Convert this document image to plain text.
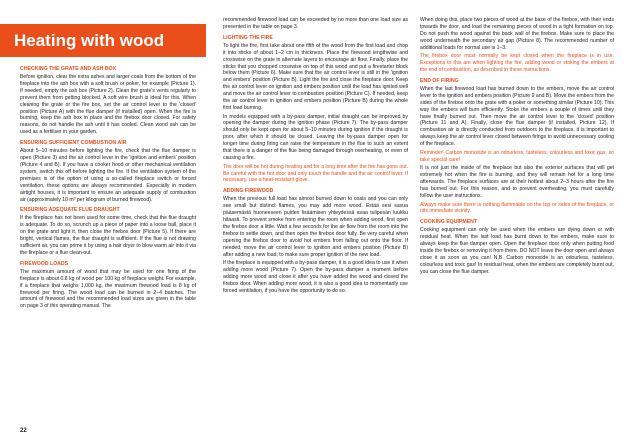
Heating with wood
CHECKING THE GRATE AND ASH BOX

Before ignition, clear the extra ashes and larger coals from the bottom of the fireplace into the ash box with a soft brush or poker, for example (Picture 1). If needed, empty the ash box (Picture 2). Clean the grate's vents regularly to prevent them from getting blocked. A soft wire brush is ideal for this. When cleaning the grate or the fire box, set the air control lever to the 'closed' position (Picture A) with the flue damper (if installed) open. When the fire is burning, keep the ash box in place and the firebox door closed. For safety reasons, do not handle the ash until it has cooled. Clean wood ash can be used as a fertiliser in your garden.

ENSURING SUFFICIENT COMBUSTION AIR

About 5–10 minutes before lighting the fire, check that the flue damper is open (Picture 3) and the air control lever in the 'ignition and embers' position (Picture 4 and B). If you have a cooker hood or other mechanical ventilation system, switch this off before lighting the fire. If the ventilation system of the premises is of the option of using a so-called fireplace switch or forced ventilation, these options are always recommended. Especially in modern airtight houses, it is important to ensure an adequate supply of combustion air (approximately 10 m³ per kilogram of burned firewood).

ENSURING ADEQUATE FLUE DRAUGHT

If the fireplace has not been used for some time, check that the flue draught is adequate. To do so, scrunch up a piece of paper into a loose ball, place it on the grate and light it, then close the firebox door (Picture 5). If there are bright, vertical flames, the flue draught is sufficient. If the flue is not drawing sufficient air, you can prime it by using a hair dryer to blow warm air into it via the fireplace or a flue clean-out.

FIREWOOD LOADS

The maximum amount of wood that may be used for one firing of the fireplace is about 0.8 kg of wood per 100 kg of fireplace weight. For example, if a fireplace that weighs 1,000 kg, the maximum firewood load is 8 kg of firewood per firing. The wood load can be burned in 2–4 batches. The amount of firewood and the recommended load sizes are given in the table on page 3 of this operating manual. The

recommended firewood load can be exceeded by no more than one load size as presented in the table on page 3.

LIGHTING THE FIRE

To light the fire, first take about one fifth of the wood from the first load and chop it into sticks of about 1–2 cm in thickness. Place the firewood lengthwise and crosswise on the grate in alternate layers to encourage air flow. Finally, place the sticks that you chopped crosswise on top of this wood and put a firestarter block below them (Picture 6). Make sure that the air control lever is still in the 'ignition and embers' position (Picture B). Light the fire and close the fireplace door. Keep the air control lever on ignition and embers position until the load has ignited well and move the air control lever to combustion position (Picture C). If needed, keep the air control lever in ignition and embers position (Picture B) during the whole first load burning.

In models equipped with a by-pass damper, initial draught can be improved by opening the damper during the ignition phase (Picture 7). The by-pass damper should only be kept open for about 5–10 minutes during ignition if the draught is poor, after which it should be closed. Leaving the by-pass damper open for longer time during firing can raise the temperature in the flue to such an extent that there is a danger of the flue being damaged through overheating, or even of causing a fire.

The door will be hot during heating and for a long time after the fire has gone out. Be careful with the hot door and only touch the handle and the air control lever. If necessary, use a heat-resistant glove.

ADDING FIREWOOD

When the previous full load has almost burned down to coals and you can only see small but distinct flames, you may add more wood. Estää sesi savua pääsemästä huoneeseen puiden lisäämisen yhteydessä avaa tulipesän luukku hitaasti. To prevent smoke from entering the room when adding wood, first open the firebox door a little. Wait a few seconds for the air flow from the room into the firebox to settle down, and then open the firebox door fully. Be very careful when opening the firebox door to avoid hot embers from falling out onto the floor. If needed, move the air control lever to ignition and embers position (Picture B) after adding a new load, to make sure proper ignition of the new load.

If the fireplace is equipped with a by-pass damper, it is a good idea to use it when adding more wood (Picture 7). Open the by-pass damper a moment before adding more wood and close it after you have added the wood and closed the firebox door. When adding more wood, it is also a good idea to momentarily use forced ventilation, if you have the opportunity to do so.

When doing this, place two pieces of wood at the base of the firebox, with their ends towards the door, and load the remaining pieces of wood in a tight formation on top. Do not push the wood against the back wall of the firebox. Make sure to place the wood underneath the secondary air gap (Picture 8). The recommended number of additional loads for normal use is 1–3.

The firebox door must normally be kept closed when the fireplace is in use. Exceptions to this are when lighting the fire, adding wood or stoking the embers at the end of combustion, as described in these instructions.

END OF FIRING

When the last firewood load has burned down to the embers, move the air control lever to the ignition and embers position (Picture 9 and B). Move the embers from the sides of the firebox onto the grate with a poker or something similar (Picture 10). This way the embers will burn efficiently. Stoke the embers a couple of times until they have finally burned out. Then move the air control lever to the 'closed' position (Picture 11 and A). Finally, close the flue damper (if installed, Picture 12). If combustion air is directly conducted from outdoors to the fireplace, it is important to always keep the air control lever closed between firings to avoid unnecessary cooling of the fireplace.

Reminder! Carbon monoxide is an odourless, tasteless, colourless and toxic gas, so take special care!

It is not just the inside of the fireplace but also the exterior surfaces that will get extremely hot when the fire is burning, and they will remain hot for a long time afterwards. The fireplace surfaces are at their hottest about 2–3 hours after the fire has burned out. For this reason, and to prevent overheating, you must carefully follow the user instructions.

Always make sure there is nothing flammable on the top or sides of the fireplace, or nits immediate vicinity.

COOKING EQUIPMENT

Cooking equipment can only be used when the embers are dying down or with residual heat. When the last load has burnt down to the embers, make sure to always keep the flue damper open. Open the fireplace door only when putting food inside the firebox or removing it from there. DO NOT leave the door open and always close it as soon as you can! N.B. Carbon monoxide is an odourless, tasteless, colourless and toxic gas! In residual heat, when the embers are completely burnt out, you can close the flue damper.

22
